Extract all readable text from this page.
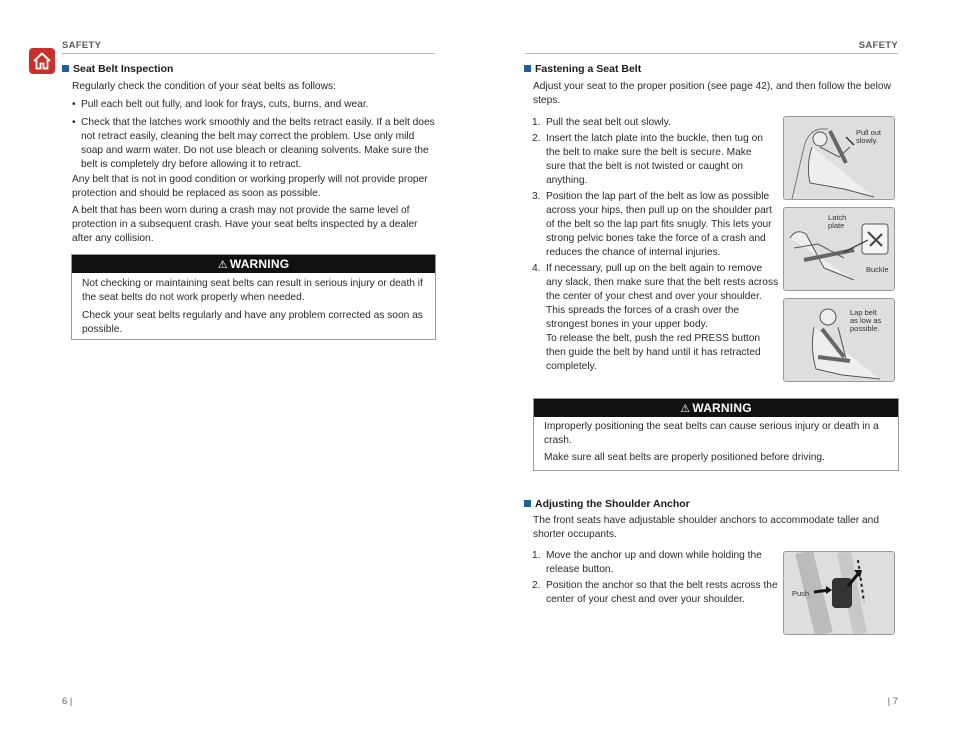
SAFETY	SAFETY
Seat Belt Inspection

Regularly check the condition of your seat belts as follows:

• Pull each belt out fully, and look for frays, cuts, burns, and wear.
• Check that the latches work smoothly and the belts retract easily. If a belt does not retract easily, cleaning the belt may correct the problem. Use only mild soap and warm water. Do not use bleach or cleaning solvents. Make sure the belt is completely dry before allowing it to retract.

Any belt that is not in good condition or working properly will not provide proper protection and should be replaced as soon as possible.

A belt that has been worn during a crash may not provide the same level of protection in a subsequent crash. Have your seat belts inspected by a dealer after any collision.

⚠ WARNING

Not checking or maintaining seat belts can result in serious injury or death if the seat belts do not work properly when needed.

Check your seat belts regularly and have any problem corrected as soon as possible.

6 |
Fastening a Seat Belt

Adjust your seat to the proper position (see page 42), and then follow the below steps.

1. Pull the seat belt out slowly.
2. Insert the latch plate into the buckle, then tug on the belt to make sure the belt is secure. Make sure that the belt is not twisted or caught on anything.
3. Position the lap part of the belt as low as possible across your hips, then pull up on the shoulder part of the belt so the lap part fits snugly. This lets your strong pelvic bones take the force of a crash and reduces the chance of internal injuries.
4. If necessary, pull up on the belt again to remove any slack, then make sure that the belt rests across the center of your chest and over your shoulder. This spreads the forces of a crash over the strongest bones in your upper body.

To release the belt, push the red PRESS button then guide the belt by hand until it has retracted completely.

Pull out slowly.
Latch plate
Buckle
Lap belt as low as possible.
⚠ WARNING

Improperly positioning the seat belts can cause serious injury or death in a crash.

Make sure all seat belts are properly positioned before driving.

Adjusting the Shoulder Anchor

The front seats have adjustable shoulder anchors to accommodate taller and shorter occupants.

1. Move the anchor up and down while holding the release button.
2. Position the anchor so that the belt rests across the center of your chest and over your shoulder.
Push
| 7
